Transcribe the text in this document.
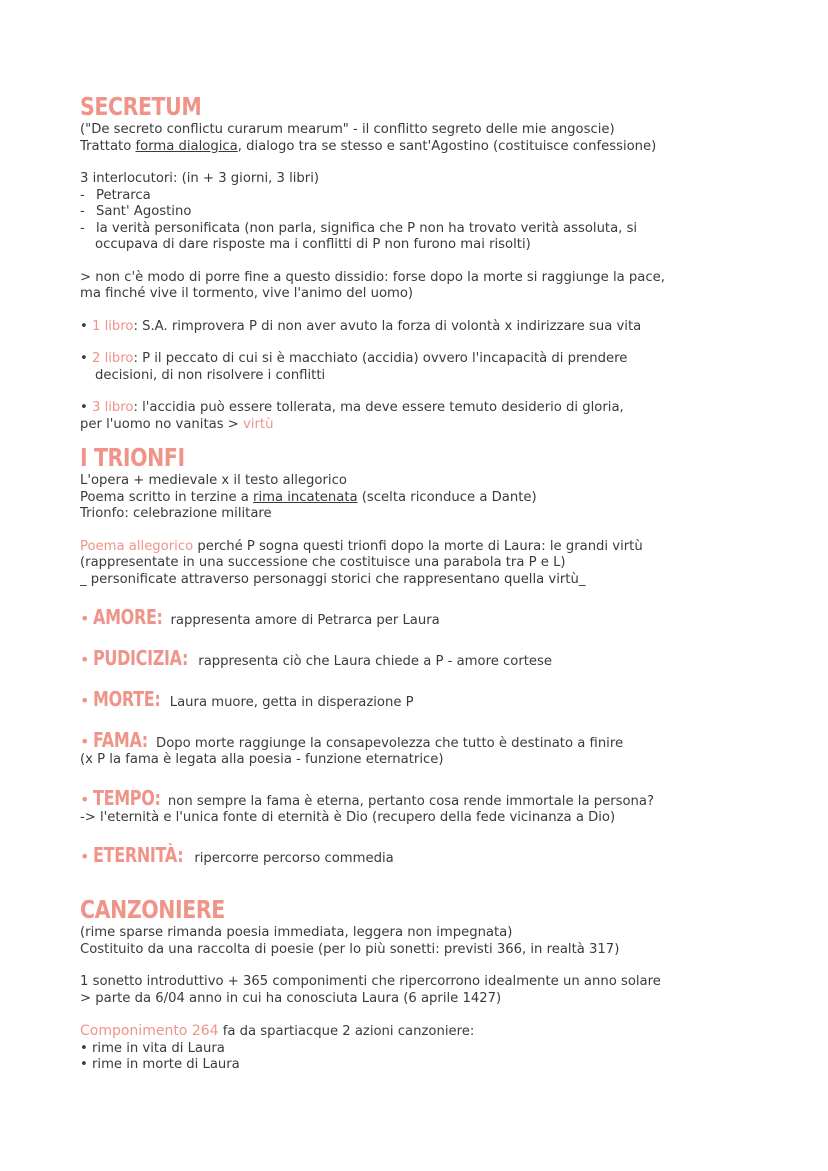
SECRETUM
("De secreto conflictu curarum mearum" - il conflitto segreto delle mie angoscie)
Trattato forma dialogica, dialogo tra se stesso e sant'Agostino (costituisce confessione)
3 interlocutori: (in + 3 giorni, 3 libri)
- Petrarca
- Sant' Agostino
- la verità personificata (non parla, significa che P non ha trovato verità assoluta, si
occupava di dare risposte ma i conflitti di P non furono mai risolti)
> non c'è modo di porre fine a questo dissidio: forse dopo la morte si raggiunge la pace,
ma finché vive il tormento, vive l'animo del uomo)
• 1 libro: S.A. rimprovera P di non aver avuto la forza di volontà x indirizzare sua vita
• 2 libro: P il peccato di cui si è macchiato (accidia) ovvero l'incapacità di prendere
decisioni, di non risolvere i conflitti
• 3 libro: l'accidia può essere tollerata, ma deve essere temuto desiderio di gloria,
per l'uomo no vanitas > virtù
I TRIONFI
L'opera + medievale x il testo allegorico
Poema scritto in terzine a rima incatenata (scelta riconduce a Dante)
Trionfo: celebrazione militare
Poema allegorico perché P sogna questi trionfi dopo la morte di Laura: le grandi virtù
(rappresentate in una successione che costituisce una parabola tra P e L)
_ personificate attraverso personaggi storici che rappresentano quella virtù_
• AMORE: rappresenta amore di Petrarca per Laura
• PUDICIZIA: rappresenta ciò che Laura chiede a P - amore cortese
• MORTE: Laura muore, getta in disperazione P
• FAMA: Dopo morte raggiunge la consapevolezza che tutto è destinato a finire
(x P la fama è legata alla poesia - funzione eternatrice)
• TEMPO: non sempre la fama è eterna, pertanto cosa rende immortale la persona?
-> l'eternità e l'unica fonte di eternità è Dio (recupero della fede vicinanza a Dio)
• ETERNITÀ: ripercorre percorso commedia
CANZONIERE
(rime sparse rimanda poesia immediata, leggera non impegnata)
Costituito da una raccolta di poesie (per lo più sonetti: previsti 366, in realtà 317)
1 sonetto introduttivo + 365 componimenti che ripercorrono idealmente un anno solare
> parte da 6/04 anno in cui ha conosciuta Laura (6 aprile 1427)
Componimento 264 fa da spartiacque 2 azioni canzoniere:
• rime in vita di Laura
• rime in morte di Laura
